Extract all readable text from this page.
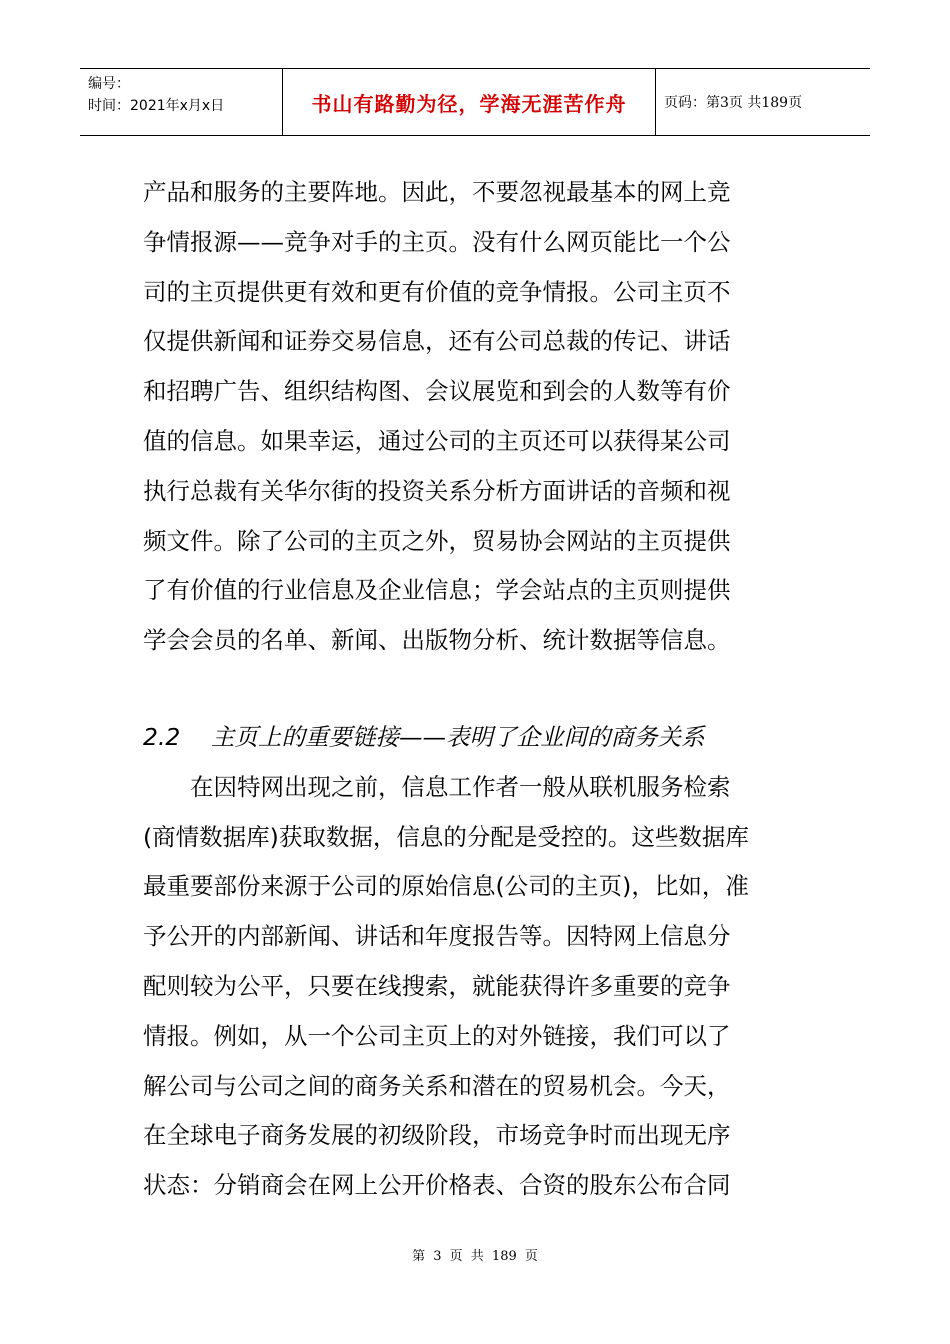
编号：
时间：2021年x月x日	书山有路勤为径，学海无涯苦作舟	页码：第3页 共189页
产品和服务的主要阵地。因此，不要忽视最基本的网上竞
争情报源——竞争对手的主页。没有什么网页能比一个公
司的主页提供更有效和更有价值的竞争情报。公司主页不
仅提供新闻和证券交易信息，还有公司总裁的传记、讲话
和招聘广告、组织结构图、会议展览和到会的人数等有价
值的信息。如果幸运，通过公司的主页还可以获得某公司
执行总裁有关华尔街的投资关系分析方面讲话的音频和视
频文件。除了公司的主页之外，贸易协会网站的主页提供
了有价值的行业信息及企业信息；学会站点的主页则提供
学会会员的名单、新闻、出版物分析、统计数据等信息。
2.2 主页上的重要链接——表明了企业间的商务关系
在因特网出现之前，信息工作者一般从联机服务检索
(商情数据库)获取数据，信息的分配是受控的。这些数据库
最重要部份来源于公司的原始信息(公司的主页)，比如，准
予公开的内部新闻、讲话和年度报告等。因特网上信息分
配则较为公平，只要在线搜索，就能获得许多重要的竞争
情报。例如，从一个公司主页上的对外链接，我们可以了
解公司与公司之间的商务关系和潜在的贸易机会。今天，
在全球电子商务发展的初级阶段，市场竞争时而出现无序
状态：分销商会在网上公开价格表、合资的股东公布合同
第 3 页 共 189 页
